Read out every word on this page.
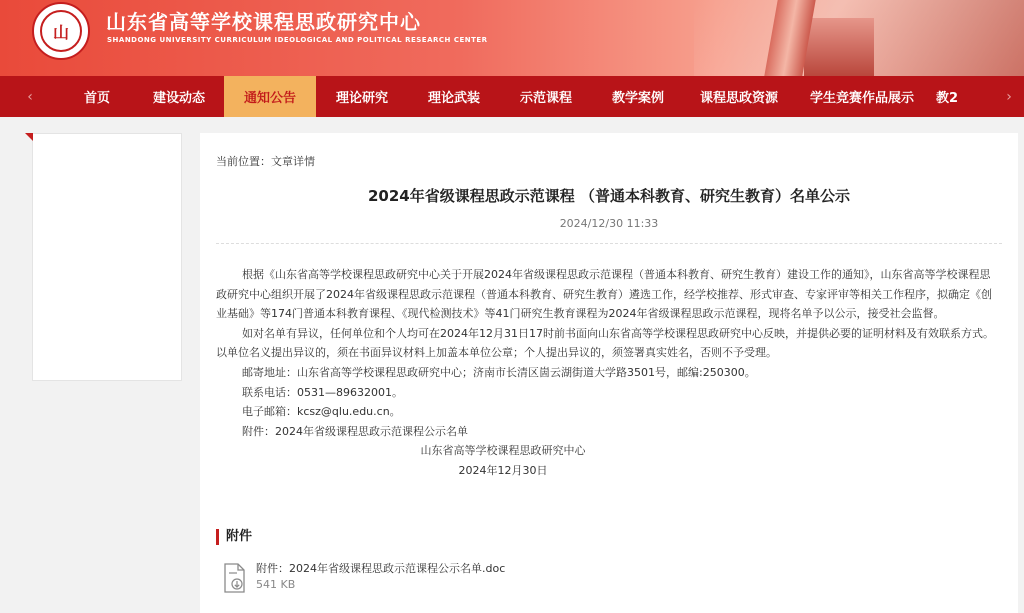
山	山东省高等学校课程思政研究中心
SHANDONG UNIVERSITY CURRICULUM IDEOLOGICAL AND POLITICAL RESEARCH CENTER
‹	首页	建设动态	通知公告	理论研究	理论武装	示范课程	教学案例	课程思政资源	学生竞赛作品展示	教2	›
当前位置：文章详情
2024年省级课程思政示范课程 （普通本科教育、研究生教育）名单公示
2024/12/30 11:33

根据《山东省高等学校课程思政研究中心关于开展2024年省级课程思政示范课程（普通本科教育、研究生教育）建设工作的通知》，山东省高等学校课程思政研究中心组织开展了2024年省级课程思政示范课程（普通本科教育、研究生教育）遴选工作，经学校推荐、形式审查、专家评审等相关工作程序，拟确定《创业基础》等174门普通本科教育课程、《现代检测技术》等41门研究生教育课程为2024年省级课程思政示范课程，现将名单予以公示，接受社会监督。

如对名单有异议，任何单位和个人均可在2024年12月31日17时前书面向山东省高等学校课程思政研究中心反映，并提供必要的证明材料及有效联系方式。以单位名义提出异议的，须在书面异议材料上加盖本单位公章；个人提出异议的，须签署真实姓名，否则不予受理。

邮寄地址：山东省高等学校课程思政研究中心；济南市长清区崮云湖街道大学路3501号，邮编:250300。

联系电话：0531—89632001。

电子邮箱：kcsz@qlu.edu.cn。

附件：2024年省级课程思政示范课程公示名单

山东省高等学校课程思政研究中心

2024年12月30日

附件
附件：2024年省级课程思政示范课程公示名单.doc
541 KB
